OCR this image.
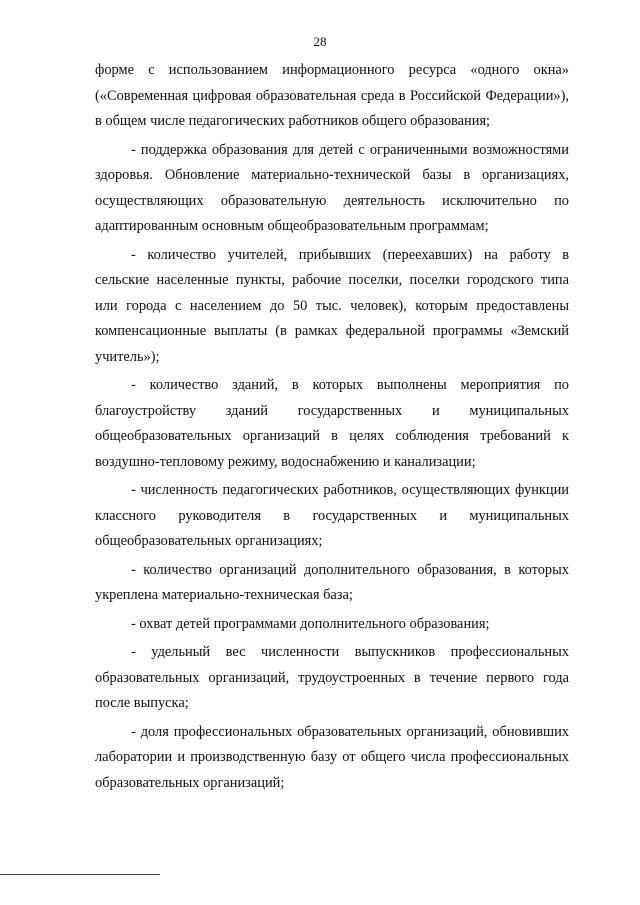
28

форме с использованием информационного ресурса «одного окна» («Современная цифровая образовательная среда в Российской Федерации»), в общем числе педагогических работников общего образования;

- поддержка образования для детей с ограниченными возможностями здоровья. Обновление материально-технической базы в организациях, осуществляющих образовательную деятельность исключительно по адаптированным основным общеобразовательным программам;

- количество учителей, прибывших (переехавших) на работу в сельские населенные пункты, рабочие поселки, поселки городского типа или города с населением до 50 тыс. человек), которым предоставлены компенсационные выплаты (в рамках федеральной программы «Земский учитель»);

- количество зданий, в которых выполнены мероприятия по благоустройству зданий государственных и муниципальных общеобразовательных организаций в целях соблюдения требований к воздушно-тепловому режиму, водоснабжению и канализации;

- численность педагогических работников, осуществляющих функции классного руководителя в государственных и муниципальных общеобразовательных организациях;

- количество организаций дополнительного образования, в которых укреплена материально-техническая база;

- охват детей программами дополнительного образования;

- удельный вес численности выпускников профессиональных образовательных организаций, трудоустроенных в течение первого года после выпуска;

- доля профессиональных образовательных организаций, обновивших лаборатории и производственную базу от общего числа профессиональных образовательных организаций;
